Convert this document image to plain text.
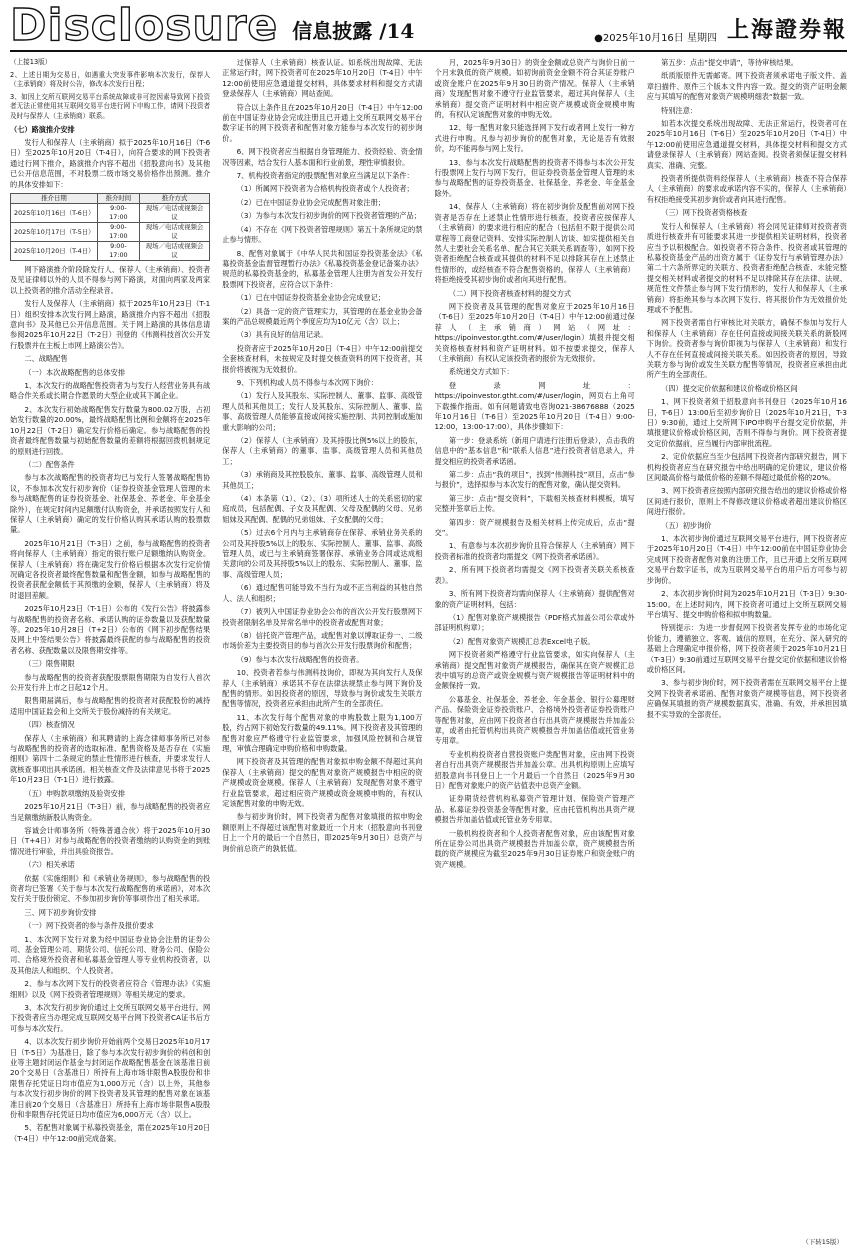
Disclosure 信息披露 /14	●2025年10月16日 星期四 上海證券報

（上接13版）

2、上述日期为交易日，如遇重大突发事件影响本次发行，保荐人（主承销商）将及时公告，修改本次发行日程；

3、如因上交所互联网交易平台系统故障或非可控因素导致网下投资者无法正常使用其互联网交易平台进行网下申购工作，请网下投资者及时与保荐人（主承销商）联系。

（七）路演推介安排

发行人和保荐人（主承销商）拟于2025年10月16日（T-6日）至2025年10月20日（T-4日），向符合要求的网下投资者通过行网下推介，路演推介内容不超出《招股意向书》及其他已公开信息范围，不对股票二级市场交易价格作出预测。推介的具体安排如下：

推介日期	推介时间	推介方式
2025年10月16日（T-6日）	9:00-17:00	现场／电话或视频会议
2025年10月17日（T-5日）	9:00-17:00	现场／电话或视频会议
2025年10月20日（T-4日）	9:00-17:00	现场／电话或视频会议

网下路演推介阶段除发行人、保荐人（主承销商）、投资者及见证律师以外的人员不得参与网下路演，对面向两家及两家以上投资者的推介活动全程录音。

发行人及保荐人（主承销商）拟于2025年10月23日（T-1日）组织安排本次发行网上路演，路演推介内容不超出《招股意向书》及其他已公开信息范围。关于网上路演的具体信息请参阅2025年10月22日（T-2日）刊登的《伟测科技首次公开发行股票并在主板上市网上路演公告》。

二、战略配售

（一）本次战略配售的总体安排

1、本次发行的战略配售投资者为与发行人经营业务具有战略合作关系或长期合作愿景的大型企业或其下属企业。

2、本次发行初始战略配售发行数量为800.02万股，占初始发行数量的20.00%，最终战略配售比例和金额将在2025年10月22日（T-2日）确定发行价格后确定。参与战略配售的投资者最终配售数量与初始配售数量的差额将根据回拨机制规定的原则进行回拨。

（二）配售条件

参与本次战略配售的投资者均已与发行人签署战略配售协议，不参加本次发行初步询价（证券投资基金管理人管理的未参与战略配售的证券投资基金、社保基金、养老金、年金基金除外），在规定时间内足额缴付认购资金，并承诺按照发行人和保荐人（主承销商）确定的发行价格认购其承诺认购的股票数量。

2025年10月21日（T-3日）之前，参与战略配售的投资者将向保荐人（主承销商）指定的银行账户足额缴纳认购资金。保荐人（主承销商）将在确定发行价格后根据本次发行定价情况确定各投资者最终配售数量和配售金额，如参与战略配售的投资者获配金额低于其预缴的金额，保荐人（主承销商）将及时退回差额。

2025年10月23日（T-1日）公布的《发行公告》将披露参与战略配售的投资者名称、承诺认购的证券数量以及获配数量等。2025年10月28日（T+2日）公布的《网下初步配售结果及网上中签结果公告》将披露最终获配的参与战略配售的投资者名称、获配数量以及限售期安排等。

（三）限售期限

参与战略配售的投资者获配股票限售期限为自发行人首次公开发行并上市之日起12个月。

限售期届满后，参与战略配售的投资者对获配股份的减持适用中国证监会和上交所关于股份减持的有关规定。

（四）核查情况

保荐人（主承销商）和其聘请的上海念律师事务所已对参与战略配售的投资者的选取标准、配售资格及是否存在《实施细则》第四十二条规定的禁止性情形进行核查，并要求发行人就核查事项出具承诺函。相关核查文件及法律意见书将于2025年10月23日（T-1日）进行披露。

（五）申购款项缴纳及验资安排

2025年10月21日（T-3日）前，参与战略配售的投资者应当足额缴纳新股认购资金。

容诚会计师事务所（特殊普通合伙）将于2025年10月30日（T+4日）对参与战略配售的投资者缴纳的认购资金的到账情况进行审验，并出具验资报告。

（六）相关承诺

依据《实施细则》和《承销业务规则》，参与战略配售的投资者均已签署《关于参与本次发行战略配售的承诺函》，对本次发行关于股份锁定、不参加初步询价等事项作出了相关承诺。

三、网下初步询价安排

（一）网下投资者的参与条件及报价要求

1、本次网下发行对象为经中国证券业协会注册的证券公司、基金管理公司、期货公司、信托公司、财务公司、保险公司、合格境外投资者和私募基金管理人等专业机构投资者，以及其他法人和组织、个人投资者。

2、参与本次网下发行的投资者应符合《管理办法》《实施细则》以及《网下投资者管理规则》等相关规定的要求。

3、本次发行初步询价通过上交所互联网交易平台进行。网下投资者应当办理完成互联网交易平台网下投资者CA证书后方可参与本次发行。

4、以本次发行初步询价开始前两个交易日2025年10月17日（T-5日）为基准日，除了参与本次发行初步询价的科创和创业等主题封闭运作基金与封闭运作战略配售基金在该基准日前20个交易日（含基准日）所持有上海市场非限售A股股份和非限售存托凭证日均市值应为1,000万元（含）以上外，其他参与本次发行初步询价的网下投资者及其管理的配售对象在该基准日前20个交易日（含基准日）所持有上海市场非限售A股股份和非限售存托凭证日均市值应为6,000万元（含）以上。

5、若配售对象属于私募投资基金，需在2025年10月20日（T-4日）中午12:00前完成备案。

过保荐人（主承销商）核查认证。如系统出现故障、无法正常运行时，网下投资者可在2025年10月20日（T-4日）中午12:00前使用应急通道提交材料，具体要求材料和提交方式请登录保荐人（主承销商）网站查阅。

符合以上条件且在2025年10月20日（T-4日）中午12:00前在中国证券业协会完成注册且已开通上交所互联网交易平台数字证书的网下投资者和配售对象方能参与本次发行的初步询价。

6、网下投资者应当根据自身管理能力、投资经验、资金情况等因素，结合发行人基本面和行业前景，理性审慎报价。

7、机构投资者指定的股票配售对象应当满足以下条件：

（1）所属网下投资者为合格机构投资者或个人投资者；

（2）已在中国证券业协会完成配售对象注册；

（3）为参与本次发行初步询价的网下投资者管理的产品；

（4）不存在《网下投资者管理规则》第五十条所规定的禁止参与情形。

8、配售对象属于《中华人民共和国证券投资基金法》《私募投资基金监督管理暂行办法》《私募投资基金登记备案办法》规范的私募投资基金的，私募基金管理人注册为首发公开发行股票网下投资者，应符合以下条件：

（1）已在中国证券投资基金业协会完成登记；

（2）具备一定的资产管理实力，其管理的在基金业协会备案的产品总规模最近两个季度应均为10亿元（含）以上；

（3）具有良好的信用记录。

投资者应于2025年10月20日（T-4日）中午12:00前提交全套核查材料，未按规定及时提交核查资料的网下投资者，其报价将被视为无效报价。

9、下列机构或人员不得参与本次网下询价：

（1）发行人及其股东、实际控制人、董事、监事、高级管理人员和其他员工；发行人及其股东、实际控制人、董事、监事、高级管理人员能够直接或间接实施控制、共同控制或施加重大影响的公司；

（2）保荐人（主承销商）及其持股比例5%以上的股东，保荐人（主承销商）的董事、监事、高级管理人员和其他员工；

（3）承销商及其控股股东、董事、监事、高级管理人员和其他员工；

（4）本条第（1）、（2）、（3）项所述人士的关系密切的家庭成员，包括配偶、子女及其配偶、父母及配偶的父母、兄弟姐妹及其配偶、配偶的兄弟姐妹、子女配偶的父母；

（5）过去6个月内与主承销商存在保荐、承销业务关系的公司及其持股5%以上的股东、实际控制人、董事、监事、高级管理人员，或已与主承销商签署保荐、承销业务合同或达成相关意向的公司及其持股5%以上的股东、实际控制人、董事、监事、高级管理人员；

（6）通过配售可能导致不当行为或不正当利益的其他自然人、法人和组织；

（7）被列入中国证券业协会公布的首次公开发行股票网下投资者限制名单及异常名单中的投资者或配售对象；

（8）信托资产管理产品，或配售对象以博取证券一、二级市场价差为主要投资目的参与首次公开发行股票询价和配售；

（9）参与本次发行战略配售的投资者。

10、投资者若参与伟测科技询价，即视为其向发行人及保荐人（主承销商）承诺其不存在法律法规禁止参与网下询价及配售的情形。如因投资者的原因，导致参与询价或发生关联方配售等情况，投资者应承担由此所产生的全部责任。

11、本次发行每个配售对象的申购股数上限为1,100万股，约占网下初始发行数量的49.11%。网下投资者及其管理的配售对象应严格遵守行业监管要求，加强风险控制和合规管理，审慎合理确定申购价格和申购数量。

网下投资者及其管理的配售对象拟申购金额不得超过其向保荐人（主承销商）提交的配售对象资产规模报告中相应的资产规模或资金规模。保荐人（主承销商）发现配售对象不遵守行业监管要求，超过相应资产规模或资金规模申购的，有权认定该配售对象的申购无效。

参与初步询价时，网下投资者为配售对象填报的拟申购金额原则上不得超过该配售对象最近一个月末（招股意向书刊登日上一个月的最后一个自然日，即2025年9月30日）总资产与询价前总资产的孰低值。

月，2025年9月30日）的资金金额或总资产与询价日前一个月末孰低的资产规模。如初询前资金金额不符合其证券账户或资金账户在2025年9月30日的资产情况。保荐人（主承销商）发现配售对象不遵守行业监管要求，超过其向保荐人（主承销商）提交资产证明材料中相应资产规模或资金规模申购的，有权认定该配售对象的申购无效。

12、每一配售对象只能选择网下发行或者网上发行一种方式进行申购。凡参与初步询价的配售对象，无论是否有效报价，均不能再参与网上发行。

13、参与本次发行战略配售的投资者不得参与本次公开发行股票网上发行与网下发行，但证券投资基金管理人管理的未参与战略配售的证券投资基金、社保基金、养老金、年金基金除外。

14、保荐人（主承销商）将在初步询价及配售前对网下投资者是否存在上述禁止性情形进行核查，投资者应按保荐人（主承销商）的要求进行相应的配合（包括但不限于提供公司章程等工商登记资料、安排实际控制人访谈、如实提供相关自然人主要社会关系名单、配合其它关联关系调查等），如网下投资者拒绝配合核查或其提供的材料不足以排除其存在上述禁止性情形的，或经核查不符合配售资格的，保荐人（主承销商）将拒绝接受其初步询价或者向其进行配售。

（二）网下投资者核查材料的提交方式

网下投资者及其管理的配售对象应于2025年10月16日（T-6日）至2025年10月20日（T-4日）中午12:00前通过保荐人（主承销商）网站（网址：https://ipoinvestor.gtht.com/#/user/login）填报并提交相关资格核查材料和资产证明材料。如不按要求提交，保荐人（主承销商）有权认定该投资者的报价为无效报价。

系统递交方式如下：

登录网址：https://ipoinvestor.gtht.com/#/user/login，网页右上角可下载操作指南。如有问题请致电咨询021-38676888（2025年10月16日（T-6日）至2025年10月20日（T-4日）9:00-12:00，13:00-17:00），具体步骤如下：

第一步：登录系统（新用户请进行注册后登录），点击我的信息中的“基本信息”和“联系人信息”进行投资者信息录入，并提交相应的投资者承诺函。

第二步：点击“我的项目”，找到“伟测科技”项目，点击“参与报价”，选择拟参与本次发行的配售对象，确认提交资料。

第三步：点击“提交资料”，下载相关核查材料模板，填写完整并签章后上传。

第四步：资产规模报告及相关材料上传完成后，点击“提交”。

1、有意参与本次初步询价且符合保荐人（主承销商）网下投资者标准的投资者均需提交《网下投资者承诺函》。

2、所有网下投资者均需提交《网下投资者关联关系核查表》。

3、所有网下投资者均需向保荐人（主承销商）提供配售对象的资产证明材料，包括：

（1）配售对象资产规模报告（PDF格式加盖公司公章或外部证明机构章）；

（2）配售对象资产规模汇总表Excel电子版。

网下投资者须严格遵守行业监管要求，如实向保荐人（主承销商）提交配售对象资产规模报告，确保其在资产规模汇总表中填写的总资产或资金规模与资产规模报告等证明材料中的金额保持一致。

公募基金、社保基金、养老金、年金基金、银行公募理财产品、保险资金证券投资账户、合格境外投资者证券投资账户等配售对象，应由网下投资者自行出具资产规模报告并加盖公章，或者由托管机构出具资产规模报告并加盖估值或托管业务专用章。

专业机构投资者自营投资账户类配售对象，应由网下投资者自行出具资产规模报告并加盖公章。出具机构原则上应填写招股意向书刊登日上一个月最后一个自然日（2025年9月30日）配售对象账户的资产估值表中总资产金额。

证券期货经营机构私募资产管理计划、保险资产管理产品、私募证券投资基金等配售对象，应由托管机构出具资产规模报告并加盖估值或托管业务专用章。

一般机构投资者和个人投资者配售对象，应由该配售对象所在证券公司出具资产规模报告并加盖公章，资产规模报告所载的资产规模应为截至2025年9月30日证券账户和资金账户的资产规模。

第五步：点击“提交申请”，等待审核结果。

纸质版原件无需邮寄。网下投资者须承诺电子版文件、盖章扫描件、原件三个版本文件内容一致。提交的资产证明金额应与其填写的配售对象资产规模明细表“数据一致。

特别注意：

如若本次提交系统出现故障、无法正常运行，投资者可在2025年10月16日（T-6日）至2025年10月20日（T-4日）中午12:00前使用应急通道提交材料，具体提交材料和提交方式请登录保荐人（主承销商）网站查阅。投资者须保证提交材料真实、准确、完整。

投资者所提供资料经保荐人（主承销商）核查不符合保荐人（主承销商）的要求或承诺内容不实的，保荐人（主承销商）有权拒绝接受其初步询价或者向其进行配售。

（三）网下投资者资格核查

发行人和保荐人（主承销商）将会同见证律师对投资者资质进行核查并有可能要求其进一步提供相关证明材料，投资者应当予以积极配合。如投资者不符合条件、投资者或其管理的私募投资基金产品的出资方属于《证券发行与承销管理办法》第二十六条所界定的关联方、投资者拒绝配合核查、未能完整提交相关材料或者提交的材料不足以排除其存在法律、法规、规范性文件禁止参与网下发行情形的，发行人和保荐人（主承销商）将拒绝其参与本次网下发行、将其报价作为无效报价处理或不予配售。

网下投资者需自行审核比对关联方，确保不参加与发行人和保荐人（主承销商）存在任何直接或间接关联关系的新股网下询价。投资者参与询价即视为与保荐人（主承销商）和发行人不存在任何直接或间接关联关系。如因投资者的原因，导致关联方参与询价或发生关联方配售等情况，投资者应承担由此所产生的全部责任。

（四）提交定价依据和建议价格或价格区间

1、网下投资者须于招股意向书刊登日（2025年10月16日，T-6日）13:00后至初步询价日（2025年10月21日，T-3日）9:30前，通过上交所网下IPO申购平台提交定价依据，并填报建议价格或价格区间，否则不得参与询价。网下投资者提交定价依据前，应当履行内部审批流程。

2、定价依据应当至少包括网下投资者内部研究报告，网下机构投资者应当在研究报告中给出明确的定价建议，建议价格区间最高价格与最低价格的差额不得超过最低价格的20%。

3、网下投资者应按照内部研究报告给出的建议价格或价格区间进行报价，原则上不得修改建议价格或者超出建议价格区间进行报价。

（五）初步询价

1、本次初步询价通过互联网交易平台进行，网下投资者应于2025年10月20日（T-4日）中午12:00前在中国证券业协会完成网下投资者配售对象的注册工作，且已开通上交所互联网交易平台数字证书，成为互联网交易平台的用户后方可参与初步询价。

2、本次初步询价时间为2025年10月21日（T-3日）9:30-15:00。在上述时间内，网下投资者可通过上交所互联网交易平台填写、提交申购价格和拟申购数量。

特别提示：为进一步督促网下投资者发挥专业的市场化定价能力，遵循独立、客观、诚信的原则，在充分、深入研究的基础上合理确定申报价格，网下投资者须于2025年10月21日（T-3日）9:30前通过互联网交易平台提交定价依据和建议价格或价格区间。

3、参与初步询价时，网下投资者需在互联网交易平台上提交网下投资者承诺函、配售对象资产规模等信息，网下投资者应确保其填报的资产规模数据真实、准确、有效，并承担因填报不实导致的全部责任。

（下转15版）
